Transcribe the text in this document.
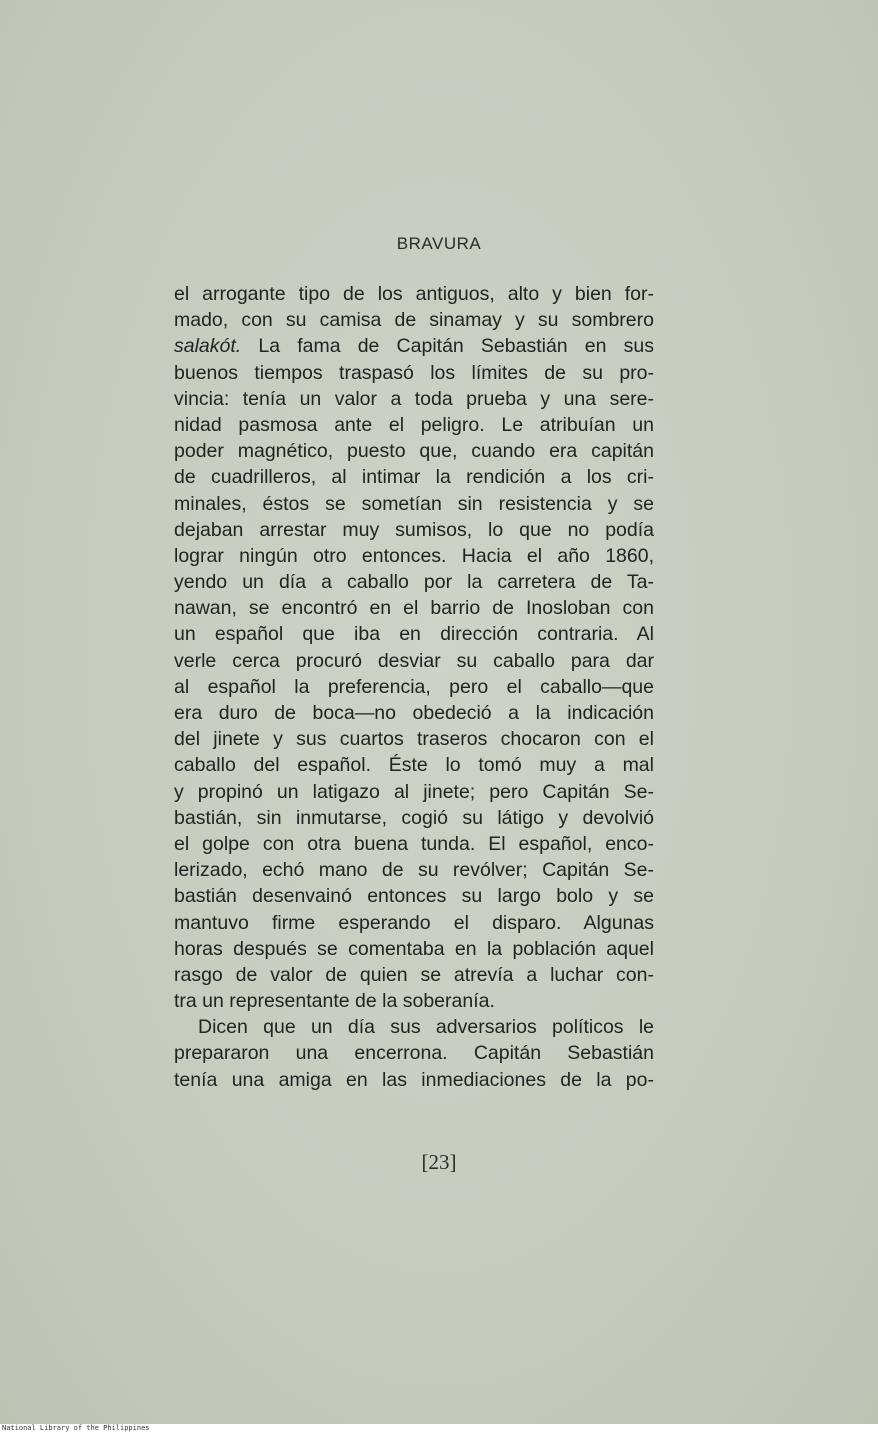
BRAVURA
el arrogante tipo de los antiguos, alto y bien for-
mado, con su camisa de sinamay y su sombrero
salakót. La fama de Capitán Sebastián en sus
buenos tiempos traspasó los límites de su pro-
vincia: tenía un valor a toda prueba y una sere-
nidad pasmosa ante el peligro. Le atribuían un
poder magnético, puesto que, cuando era capitán
de cuadrilleros, al intimar la rendición a los cri-
minales, éstos se sometían sin resistencia y se
dejaban arrestar muy sumisos, lo que no podía
lograr ningún otro entonces. Hacia el año 1860,
yendo un día a caballo por la carretera de Ta-
nawan, se encontró en el barrio de Inosloban con
un español que iba en dirección contraria. Al
verle cerca procuró desviar su caballo para dar
al español la preferencia, pero el caballo—que
era duro de boca—no obedeció a la indicación
del jinete y sus cuartos traseros chocaron con el
caballo del español. Éste lo tomó muy a mal
y propinó un latigazo al jinete; pero Capitán Se-
bastián, sin inmutarse, cogió su látigo y devolvió
el golpe con otra buena tunda. El español, enco-
lerizado, echó mano de su revólver; Capitán Se-
bastián desenvainó entonces su largo bolo y se
mantuvo firme esperando el disparo. Algunas
horas después se comentaba en la población aquel
rasgo de valor de quien se atrevía a luchar con-
tra un representante de la soberanía.
Dicen que un día sus adversarios políticos le
prepararon una encerrona. Capitán Sebastián
tenía una amiga en las inmediaciones de la po-
[23]
National Library of the Philippines
